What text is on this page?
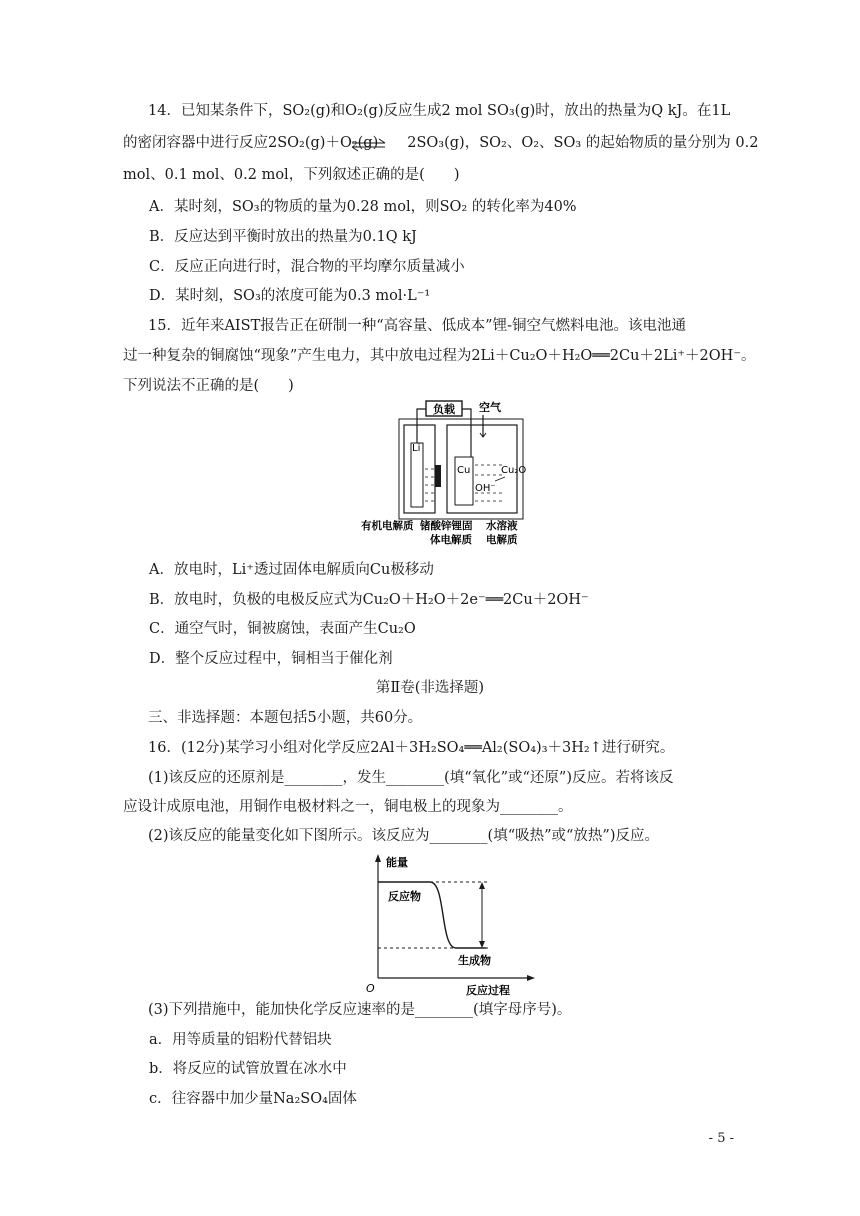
14．已知某条件下，SO₂(g)和O₂(g)反应生成2 mol SO₃(g)时，放出的热量为Q kJ。在1L
的密闭容器中进行反应2SO₂(g)＋O₂(g)　　2SO₃(g)，SO₂、O₂、SO₃ 的起始物质的量分别为 0.2
mol、0.1 mol、0.2 mol，下列叙述正确的是(　　)
A．某时刻，SO₃的物质的量为0.28 mol，则SO₂ 的转化率为40%
B．反应达到平衡时放出的热量为0.1Q kJ
C．反应正向进行时，混合物的平均摩尔质量减小
D．某时刻，SO₃的浓度可能为0.3 mol·L⁻¹
15．近年来AIST报告正在研制一种“高容量、低成本”锂-铜空气燃料电池。该电池通
过一种复杂的铜腐蚀“现象”产生电力，其中放电过程为2Li＋Cu₂O＋H₂O══2Cu＋2Li⁺＋2OH⁻。
下列说法不正确的是(　　)
负载 空气
Li
Cu
OH⁻
Cu₂O
有机电解质 锗酸锌锂固
体电解质
水溶液
电解质
A．放电时，Li⁺透过固体电解质向Cu极移动
B．放电时，负极的电极反应式为Cu₂O＋H₂O＋2e⁻══2Cu＋2OH⁻
C．通空气时，铜被腐蚀，表面产生Cu₂O
D．整个反应过程中，铜相当于催化剂
第Ⅱ卷(非选择题)
三、非选择题：本题包括5小题，共60分。
16．(12分)某学习小组对化学反应2Al＋3H₂SO₄══Al₂(SO₄)₃＋3H₂↑进行研究。
(1)该反应的还原剂是________，发生________(填“氧化”或“还原”)反应。若将该反
应设计成原电池，用铜作电极材料之一，铜电极上的现象为________。
(2)该反应的能量变化如下图所示。该反应为________(填“吸热”或“放热”)反应。
能量
O	反应过程
反应物
生成物
(3)下列措施中，能加快化学反应速率的是________(填字母序号)。
a．用等质量的铝粉代替铝块
b．将反应的试管放置在冰水中
c．往容器中加少量Na₂SO₄固体
- 5 -
